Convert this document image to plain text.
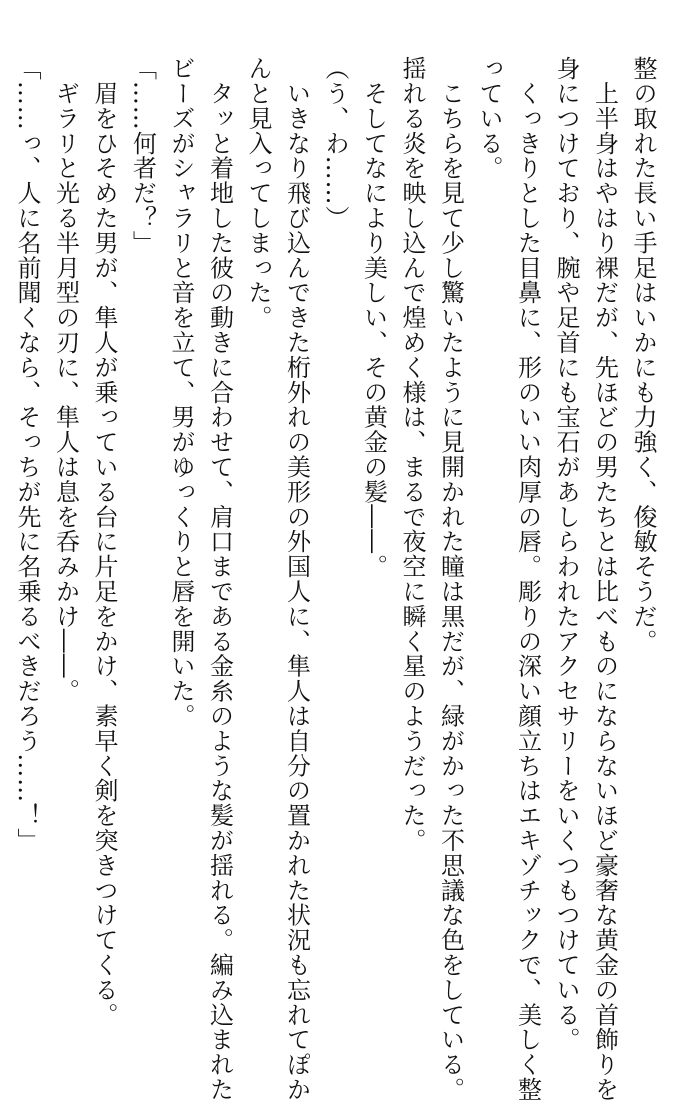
整の取れた長い手足はいかにも力強く、俊敏そうだ。
　上半身はやはり裸だが、先ほどの男たちとは比べものにならないほど豪奢な黄金の首飾りを
身につけており、腕や足首にも宝石があしらわれたアクセサリーをいくつもつけている。
　くっきりとした目鼻に、形のいい肉厚の唇。彫りの深い顔立ちはエキゾチックで、美しく整
っている。
　こちらを見て少し驚いたように見開かれた瞳は黒だが、緑がかった不思議な色をしている。
揺れる炎を映し込んで煌めく様は、まるで夜空に瞬く星のようだった。
　そしてなにより美しい、その黄金の髪――。
（う、わ……）
　いきなり飛び込んできた桁外れの美形の外国人に、隼人は自分の置かれた状況も忘れてぽか
んと見入ってしまった。
　タッと着地した彼の動きに合わせて、肩口まである金糸のような髪が揺れる。編み込まれた
ビーズがシャラリと音を立て、男がゆっくりと唇を開いた。
「……何者だ？」
　眉をひそめた男が、隼人が乗っている台に片足をかけ、素早く剣を突きつけてくる。
　ギラリと光る半月型の刃に、隼人は息を呑みかけ――。
「……っ、人に名前聞くなら、そっちが先に名乗るべきだろう……！」
